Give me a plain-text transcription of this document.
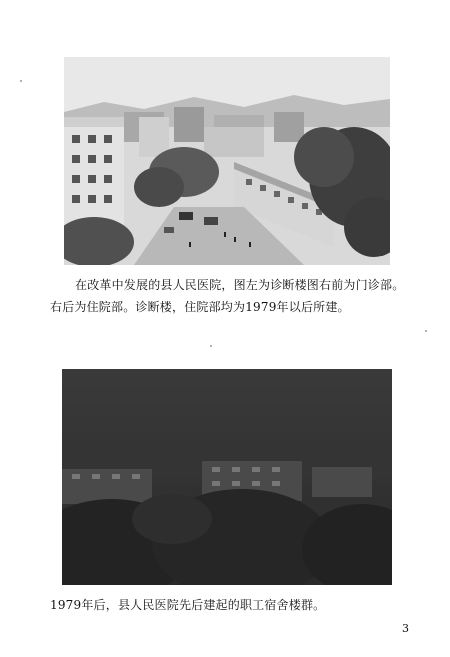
在改革中发展的县人民医院，图左为诊断楼图右前为门诊部。
右后为住院部。诊断楼，住院部均为1979年以后所建。
1979年后，县人民医院先后建起的职工宿舍楼群。
3
